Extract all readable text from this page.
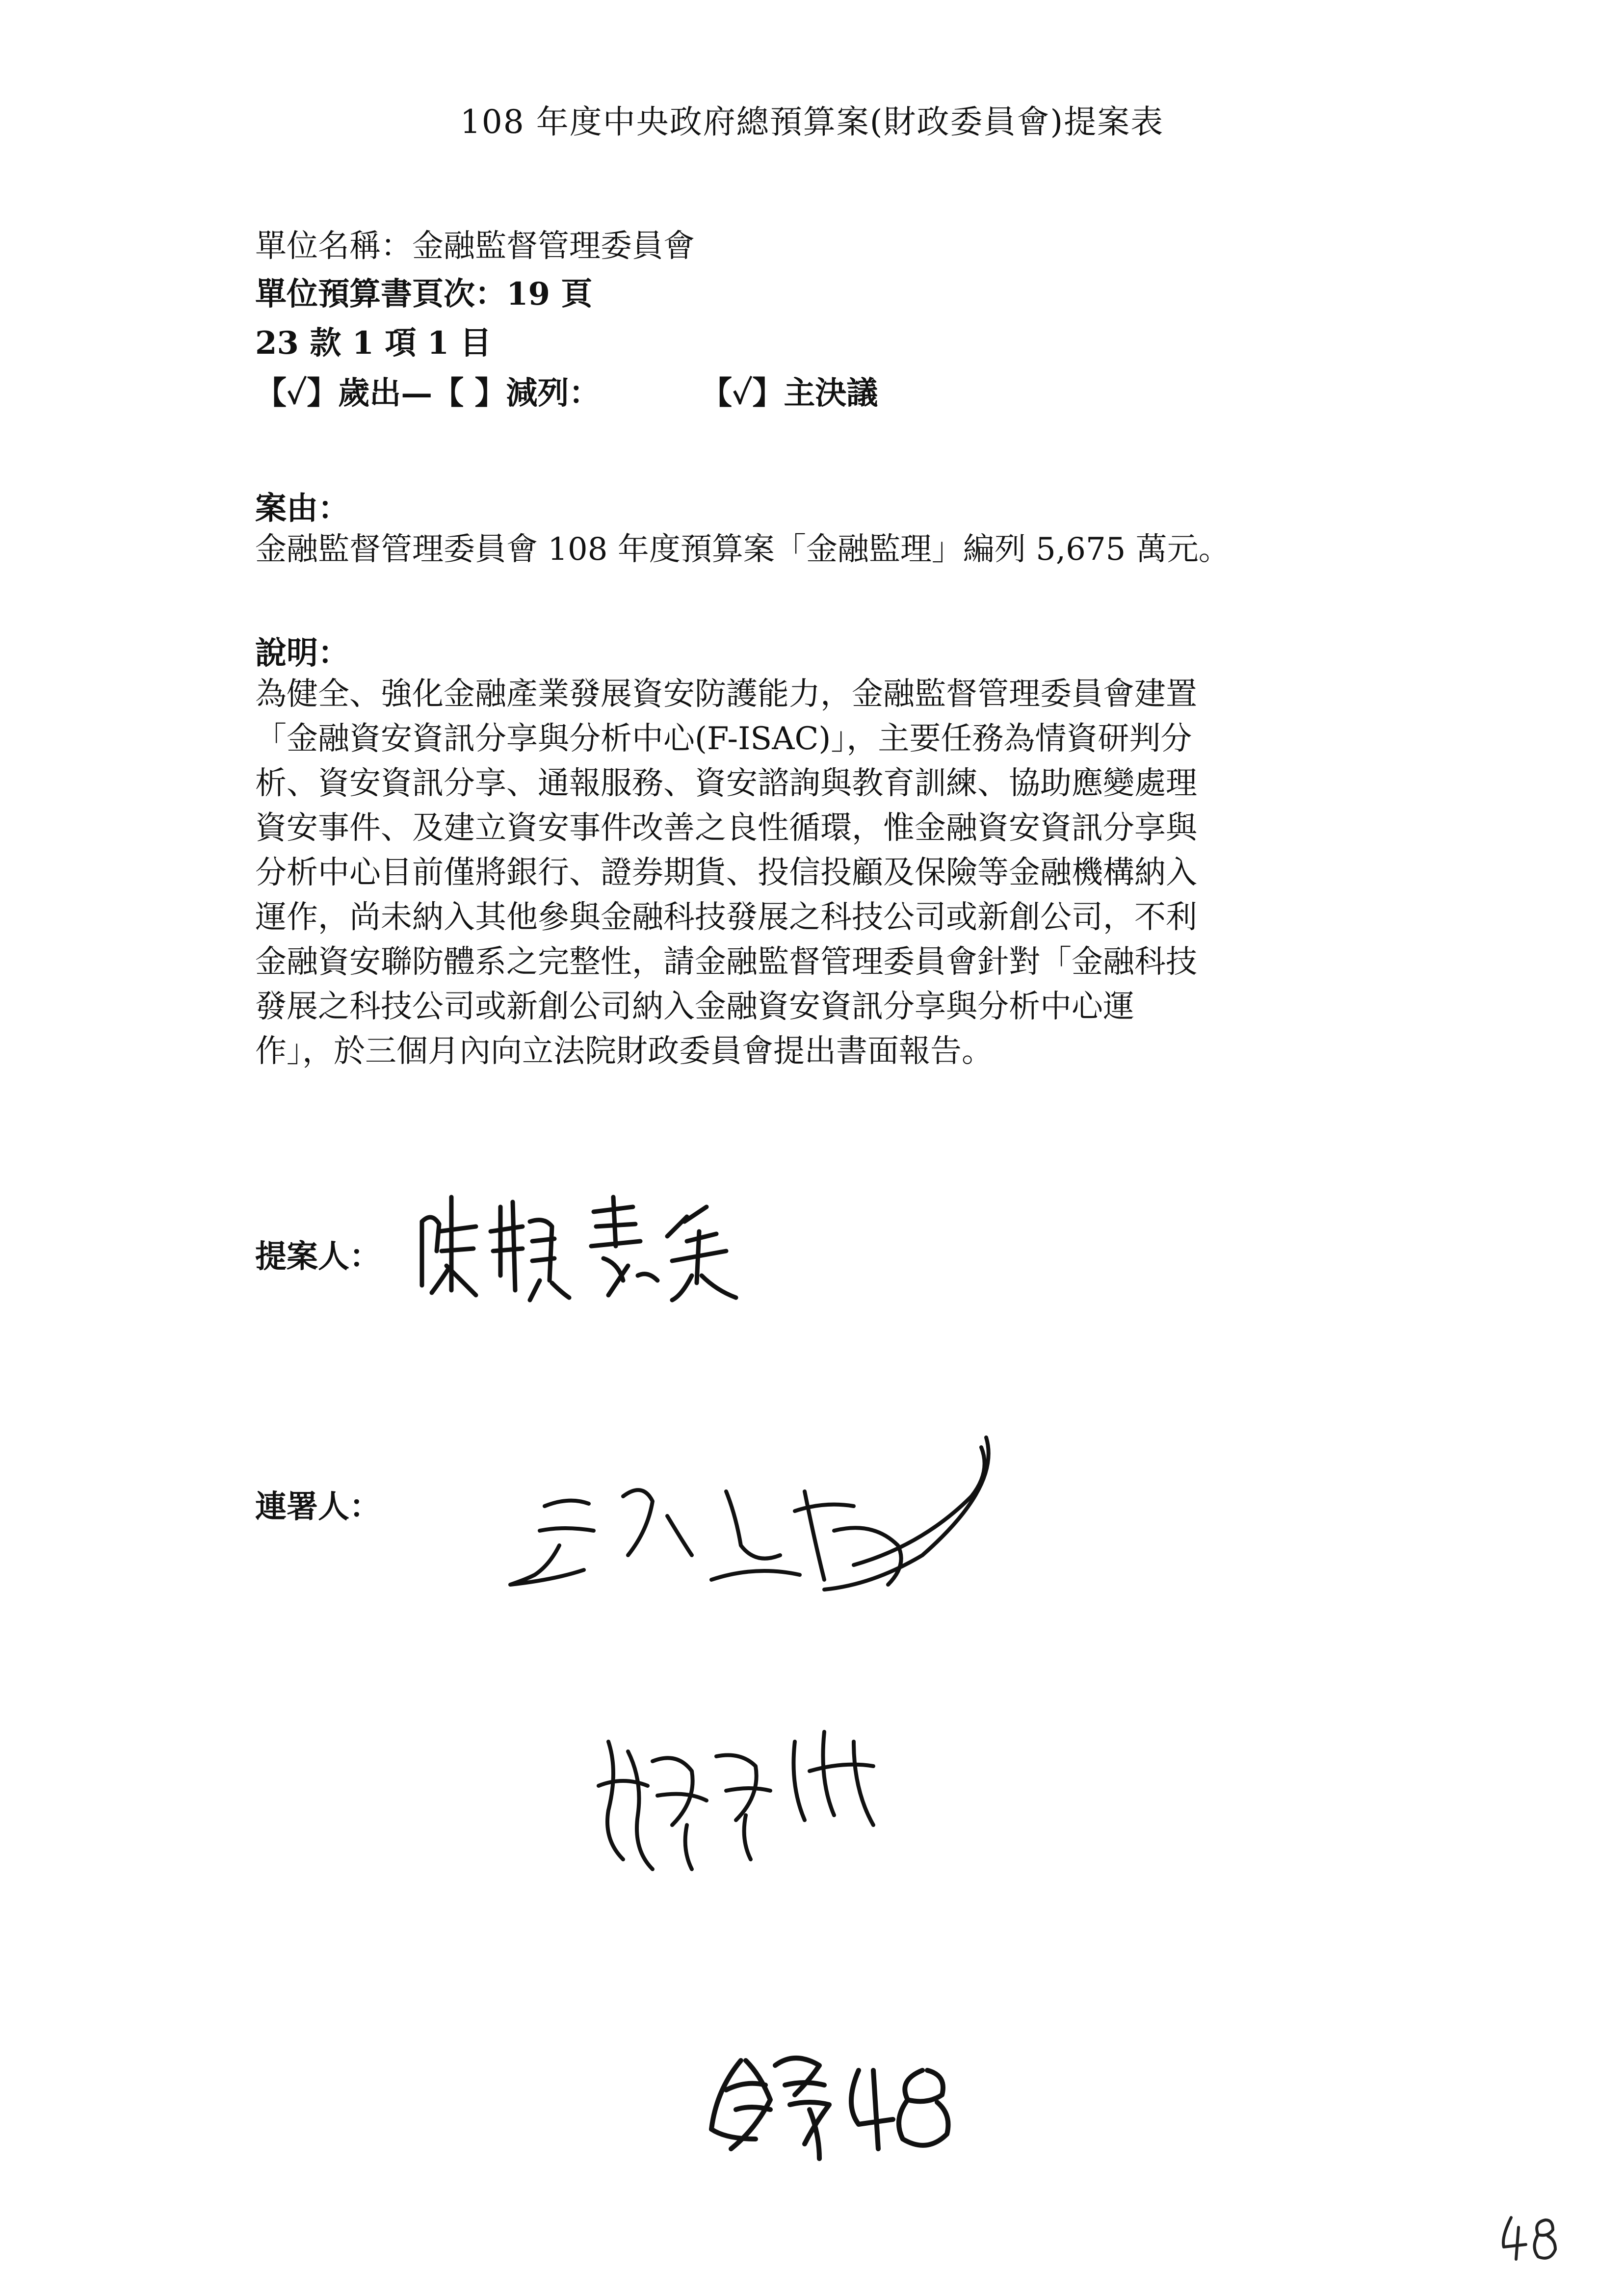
108 年度中央政府總預算案(財政委員會)提案表
單位名稱：金融監督管理委員會
單位預算書頁次：19 頁
23 款 1 項 1 目
【✓】歲出—【 】減列：	【✓】主決議
案由：
金融監督管理委員會 108 年度預算案「金融監理」編列 5,675 萬元。
說明：
為健全、強化金融產業發展資安防護能力，金融監督管理委員會建置
「金融資安資訊分享與分析中心(F-ISAC)」，主要任務為情資研判分
析、資安資訊分享、通報服務、資安諮詢與教育訓練、協助應變處理
資安事件、及建立資安事件改善之良性循環，惟金融資安資訊分享與
分析中心目前僅將銀行、證券期貨、投信投顧及保險等金融機構納入
運作，尚未納入其他參與金融科技發展之科技公司或新創公司，不利
金融資安聯防體系之完整性，請金融監督管理委員會針對「金融科技
發展之科技公司或新創公司納入金融資安資訊分享與分析中心運
作」，於三個月內向立法院財政委員會提出書面報告。
提案人：
連署人：
